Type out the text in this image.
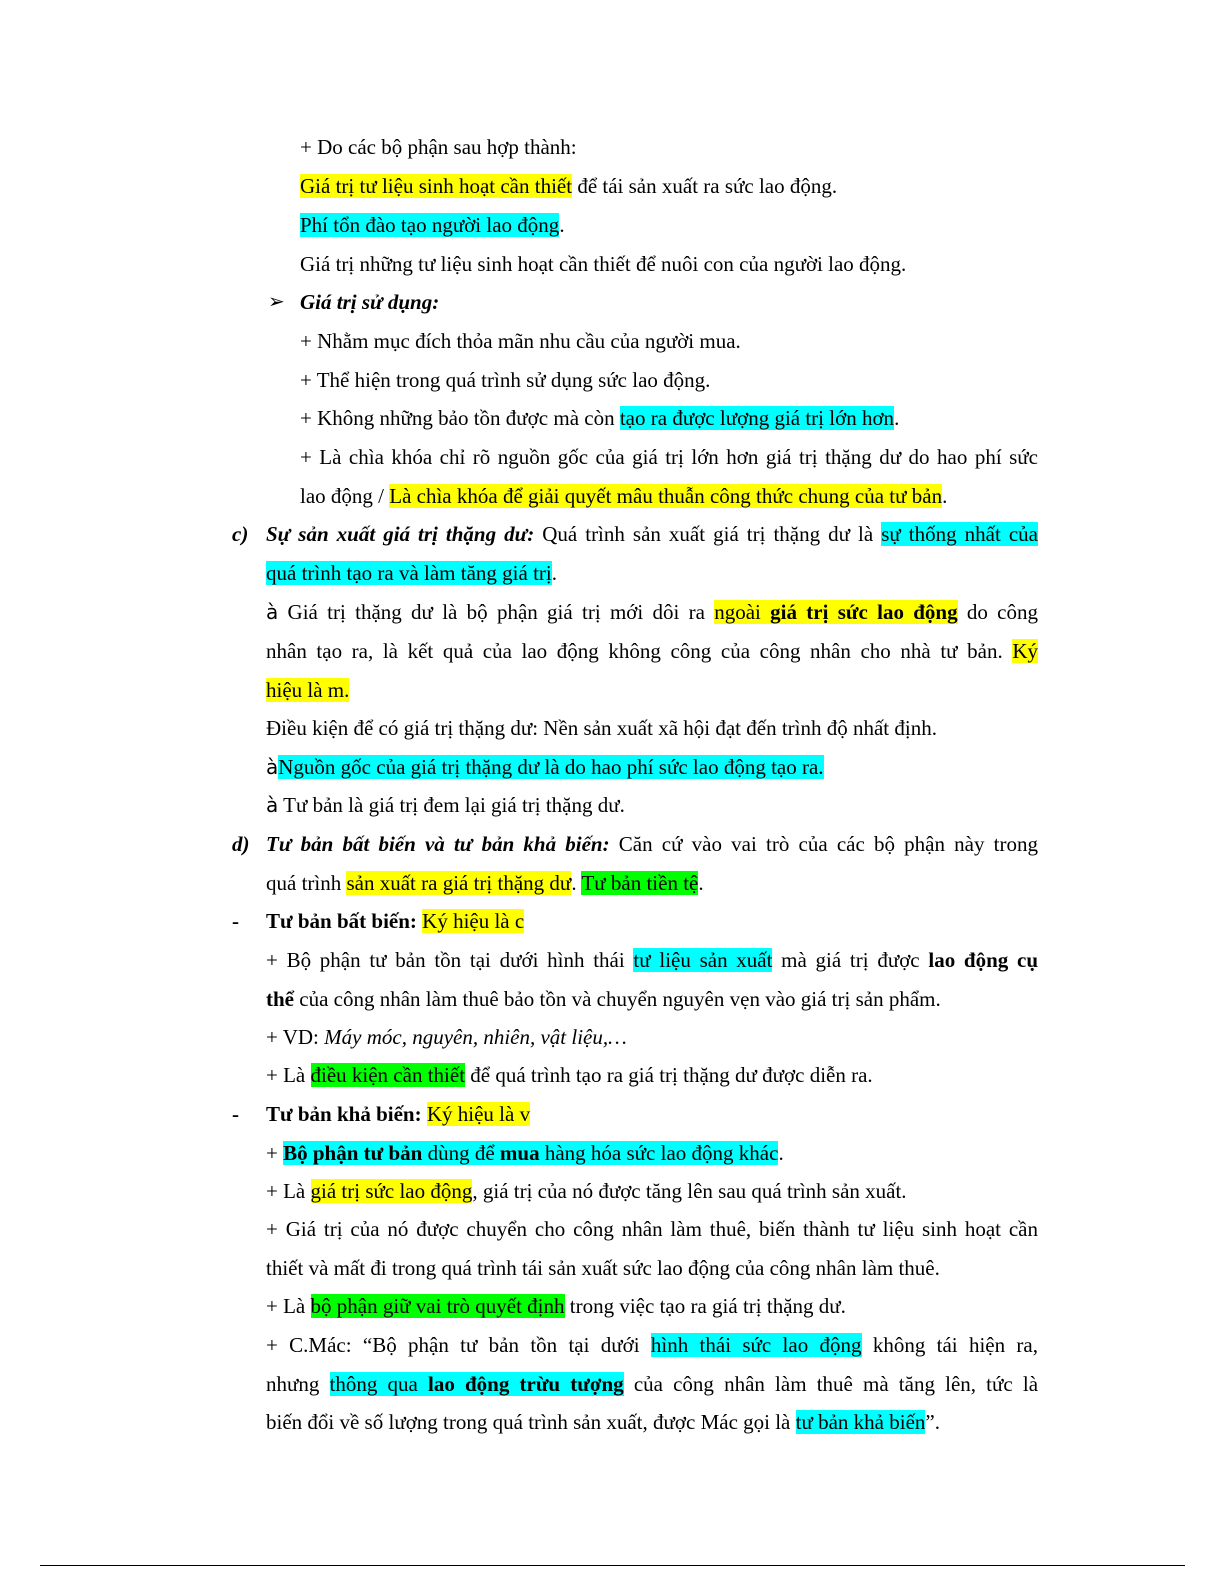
+ Do các bộ phận sau hợp thành:
Giá trị tư liệu sinh hoạt cần thiết để tái sản xuất ra sức lao động.
Phí tổn đào tạo người lao động.
Giá trị những tư liệu sinh hoạt cần thiết để nuôi con của người lao động.
➢ Giá trị sử dụng:
+ Nhằm mục đích thỏa mãn nhu cầu của người mua.
+ Thể hiện trong quá trình sử dụng sức lao động.
+ Không những bảo tồn được mà còn tạo ra được lượng giá trị lớn hơn.
+ Là chìa khóa chỉ rõ nguồn gốc của giá trị lớn hơn giá trị thặng dư do hao phí sức
lao động / Là chìa khóa để giải quyết mâu thuẫn công thức chung của tư bản.
c) Sự sản xuất giá trị thặng dư: Quá trình sản xuất giá trị thặng dư là sự thống nhất của
quá trình tạo ra và làm tăng giá trị.
à Giá trị thặng dư là bộ phận giá trị mới dôi ra ngoài giá trị sức lao động do công
nhân tạo ra, là kết quả của lao động không công của công nhân cho nhà tư bản. Ký
hiệu là m.
Điều kiện để có giá trị thặng dư: Nền sản xuất xã hội đạt đến trình độ nhất định.
àNguồn gốc của giá trị thặng dư là do hao phí sức lao động tạo ra.
à Tư bản là giá trị đem lại giá trị thặng dư.
d) Tư bản bất biến và tư bản khả biến: Căn cứ vào vai trò của các bộ phận này trong
quá trình sản xuất ra giá trị thặng dư. Tư bản tiền tệ.
- Tư bản bất biến: Ký hiệu là c
+ Bộ phận tư bản tồn tại dưới hình thái tư liệu sản xuất mà giá trị được lao động cụ
thể của công nhân làm thuê bảo tồn và chuyển nguyên vẹn vào giá trị sản phẩm.
+ VD: Máy móc, nguyên, nhiên, vật liệu,…
+ Là điều kiện cần thiết để quá trình tạo ra giá trị thặng dư được diễn ra.
- Tư bản khả biến: Ký hiệu là v
+ Bộ phận tư bản dùng để mua hàng hóa sức lao động khác.
+ Là giá trị sức lao động, giá trị của nó được tăng lên sau quá trình sản xuất.
+ Giá trị của nó được chuyển cho công nhân làm thuê, biến thành tư liệu sinh hoạt cần
thiết và mất đi trong quá trình tái sản xuất sức lao động của công nhân làm thuê.
+ Là bộ phận giữ vai trò quyết định trong việc tạo ra giá trị thặng dư.
+ C.Mác: “Bộ phận tư bản tồn tại dưới hình thái sức lao động không tái hiện ra,
nhưng thông qua lao động trừu tượng của công nhân làm thuê mà tăng lên, tức là
biến đổi về số lượng trong quá trình sản xuất, được Mác gọi là tư bản khả biến”.
